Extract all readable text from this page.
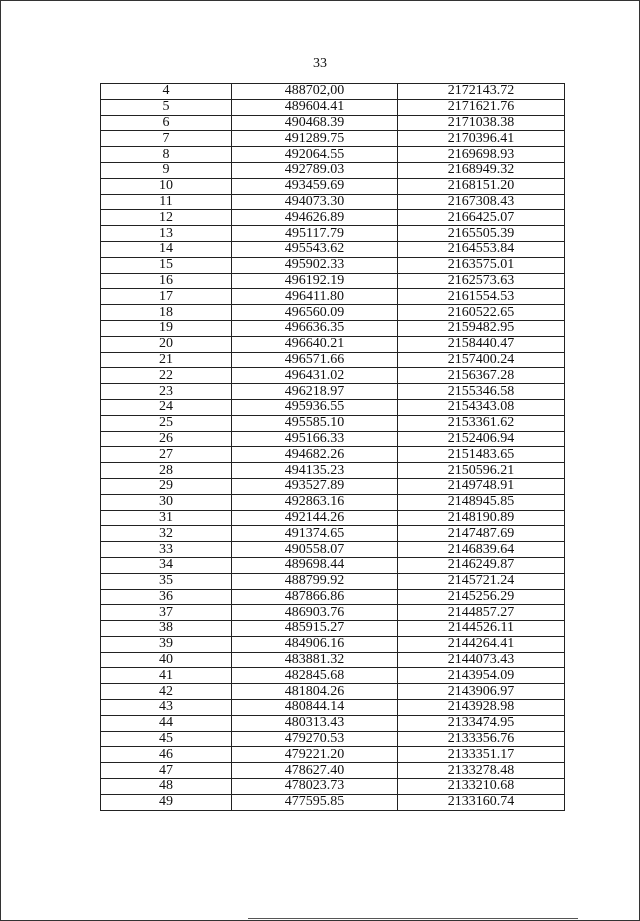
33
4	488702,00	2172143.72
5	489604.41	2171621.76
6	490468.39	2171038.38
7	491289.75	2170396.41
8	492064.55	2169698.93
9	492789.03	2168949.32
10	493459.69	2168151.20
11	494073.30	2167308.43
12	494626.89	2166425.07
13	495117.79	2165505.39
14	495543.62	2164553.84
15	495902.33	2163575.01
16	496192.19	2162573.63
17	496411.80	2161554.53
18	496560.09	2160522.65
19	496636.35	2159482.95
20	496640.21	2158440.47
21	496571.66	2157400.24
22	496431.02	2156367.28
23	496218.97	2155346.58
24	495936.55	2154343.08
25	495585.10	2153361.62
26	495166.33	2152406.94
27	494682.26	2151483.65
28	494135.23	2150596.21
29	493527.89	2149748.91
30	492863.16	2148945.85
31	492144.26	2148190.89
32	491374.65	2147487.69
33	490558.07	2146839.64
34	489698.44	2146249.87
35	488799.92	2145721.24
36	487866.86	2145256.29
37	486903.76	2144857.27
38	485915.27	2144526.11
39	484906.16	2144264.41
40	483881.32	2144073.43
41	482845.68	2143954.09
42	481804.26	2143906.97
43	480844.14	2143928.98
44	480313.43	2133474.95
45	479270.53	2133356.76
46	479221.20	2133351.17
47	478627.40	2133278.48
48	478023.73	2133210.68
49	477595.85	2133160.74
